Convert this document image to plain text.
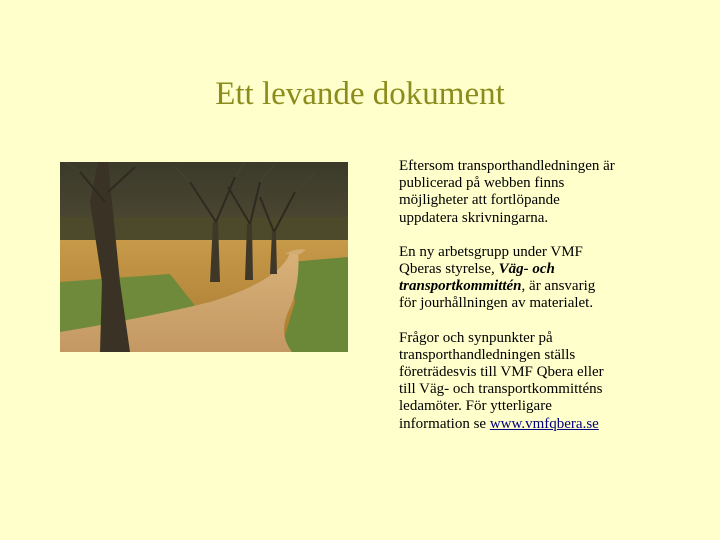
Ett levande dokument

Eftersom transporthandledningen är
publicerad på webben finns
möjligheter att fortlöpande
uppdatera skrivningarna.

En ny arbetsgrupp under VMF
Qberas styrelse, Väg- och
transportkommittén, är ansvarig
för jourhållningen av materialet.

Frågor och synpunkter på
transporthandledningen ställs
företrädesvis till VMF Qbera eller
till Väg- och transportkommitténs
ledamöter. För ytterligare
information se www.vmfqbera.se
